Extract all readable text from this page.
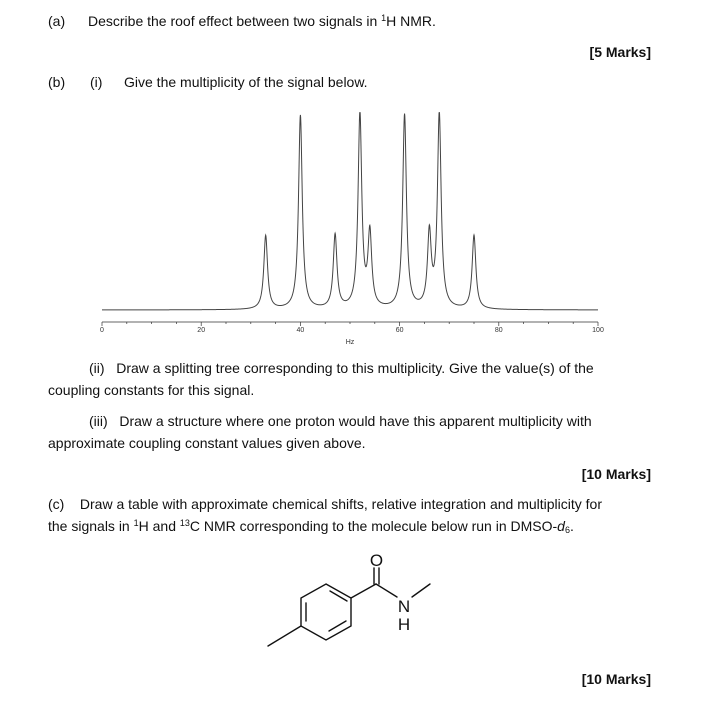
(a) Describe the roof effect between two signals in $^1$H NMR.
[5 Marks]
(b) (i) Give the multiplicity of the signal below.
0	20	40	60	80	100
Hz
(ii) Draw a splitting tree corresponding to this multiplicity. Give the value(s) of the
coupling constants for this signal.
(iii) Draw a structure where one proton would have this apparent multiplicity with
approximate coupling constant values given above.
[10 Marks]
(c) Draw a table with approximate chemical shifts, relative integration and multiplicity for
the signals in $^1$H and $^{13}$C NMR corresponding to the molecule below run in DMSO-$d_6$.
O
N
H
[10 Marks]
